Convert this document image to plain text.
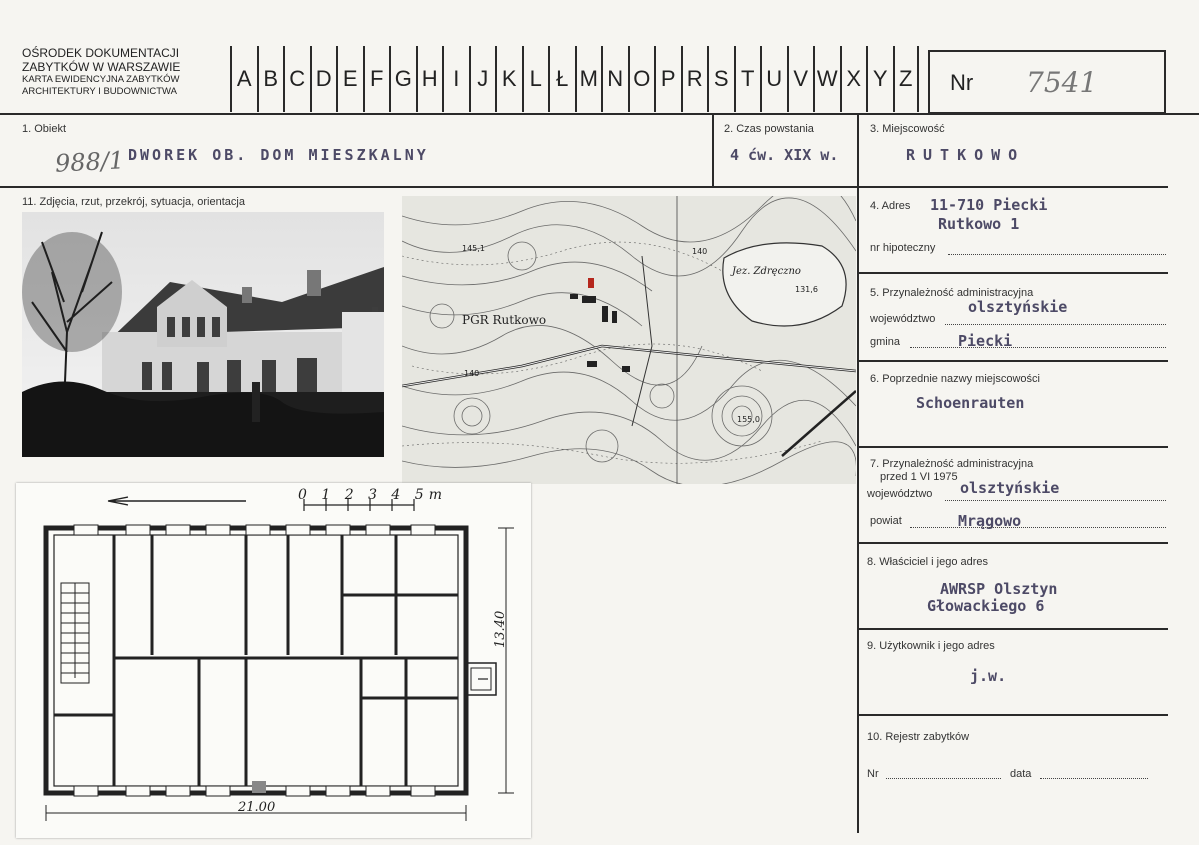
OŚRODEK DOKUMENTACJI
ZABYTKÓW W WARSZAWIE
KARTA EWIDENCYJNA ZABYTKÓW
ARCHITEKTURY I BUDOWNICTWA
A B C D E F G H I J K L Ł M N O P R S T U V W X Y Z Nr 7541
1. Obiekt
988/1 DWOREK OB. DOM MIESZKALNY
2. Czas powstania
4 ćw. XIX w.
3. Miejscowość
RUTKOWO
11. Zdjęcia, rzut, przekrój, sytuacja, orientacja
PGR Rutkowo
Jez. Zdręczno
131,6
140
145,1
155,0
140
0 1 2 3 4 5m
21.00
13.40
4. Adres 11-710 Piecki
Rutkowo 1
nr hipoteczny
5. Przynależność administracyjna
województwo
olsztyńskie
gmina	Piecki
6. Poprzednie nazwy miejscowości
Schoenrauten
7. Przynależność administracyjna
przed 1 VI 1975
województwo olsztyńskie
powiat	Mrągowo
8. Właściciel i jego adres
AWRSP Olsztyn
Głowackiego 6
9. Użytkownik i jego adres
j.w.
10. Rejestr zabytków
Nr	data
